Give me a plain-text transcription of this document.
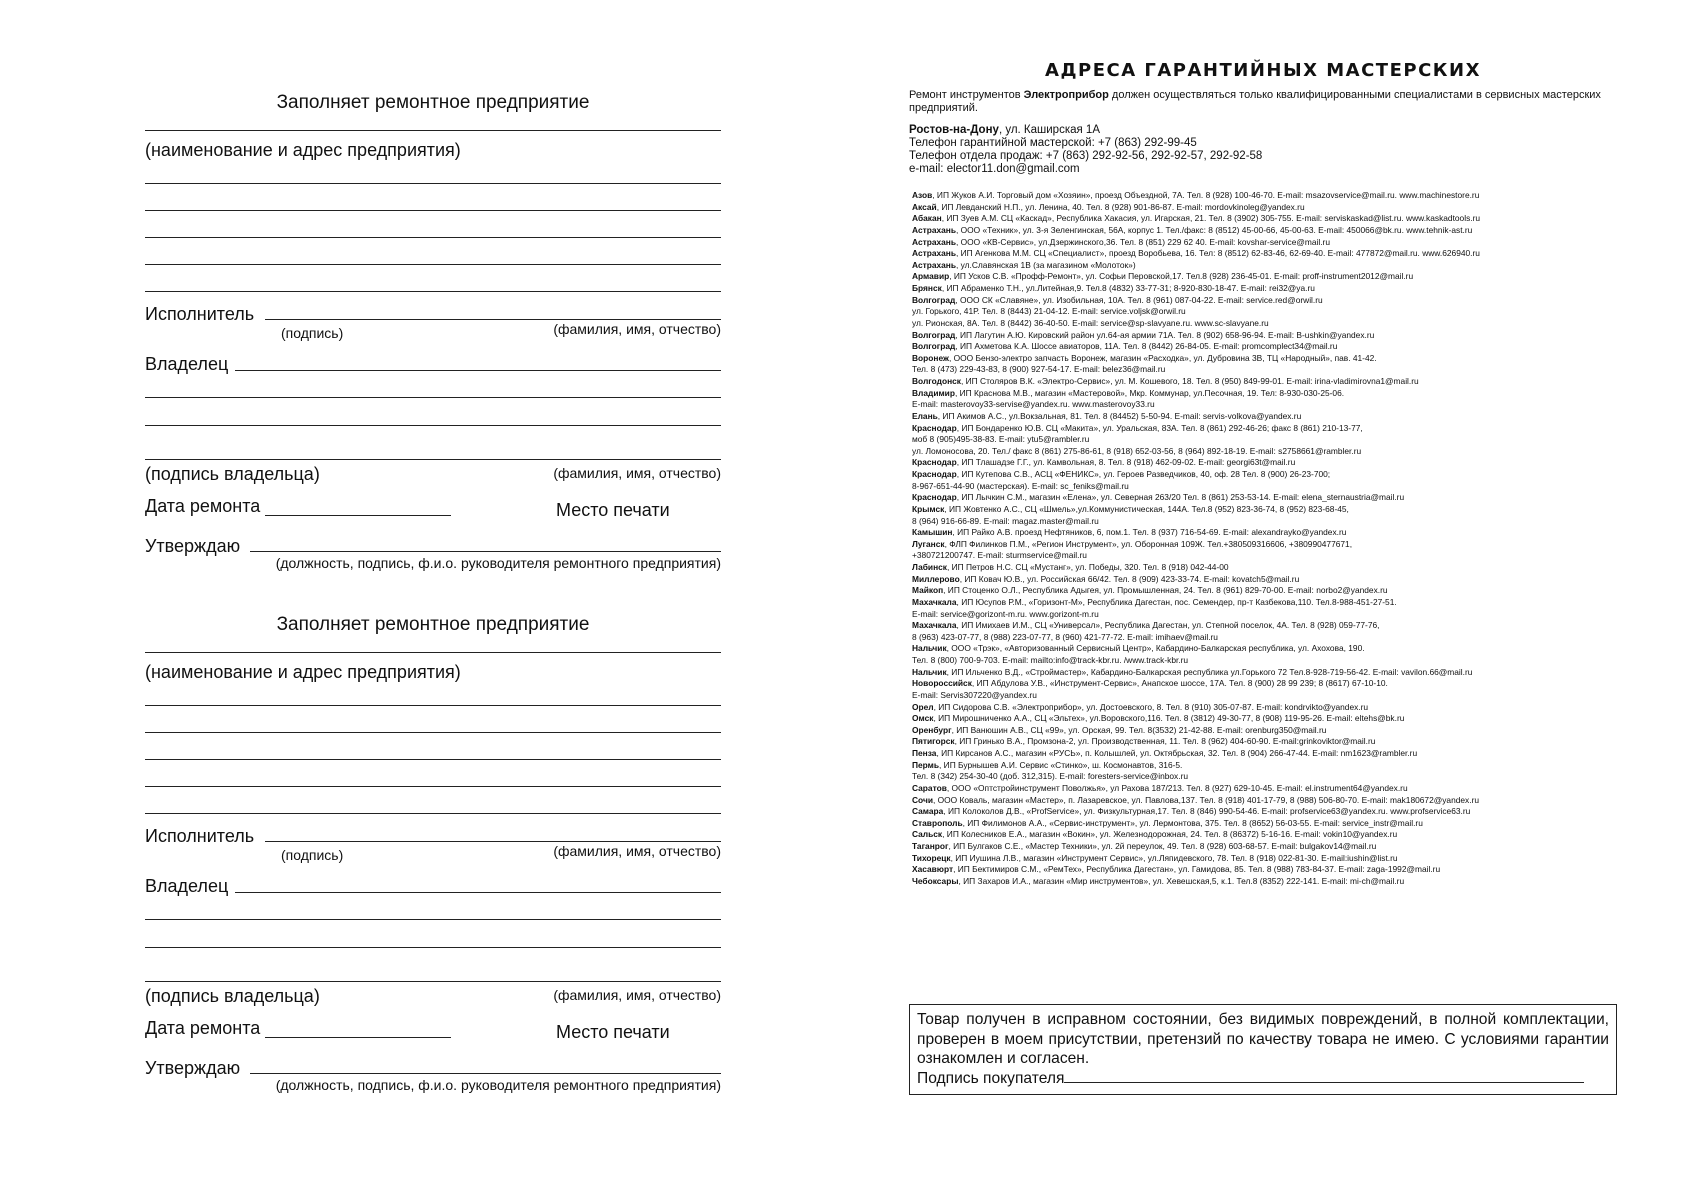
Заполняет ремонтное предприятие
(наименование и адрес предприятия)
Исполнитель
(подпись)	(фамилия, имя, отчество)
Владелец
(подпись владельца)	(фамилия, имя, отчество)
Дата ремонта	Место печати
Утверждаю
(должность, подпись, ф.и.о. руководителя ремонтного предприятия)
Заполняет ремонтное предприятие
(наименование и адрес предприятия)
Исполнитель
(подпись)	(фамилия, имя, отчество)
Владелец
(подпись владельца)	(фамилия, имя, отчество)
Дата ремонта	Место печати
Утверждаю
(должность, подпись, ф.и.о. руководителя ремонтного предприятия)
АДРЕСА ГАРАНТИЙНЫХ МАСТЕРСКИХ
Ремонт инструментов Электроприбор должен осуществляться только квалифицированными специалистами в сервисных мастерских предприятий.
Ростов-на-Дону, ул. Каширская 1А
Телефон гарантийной мастерской: +7 (863) 292-99-45
Телефон отдела продаж: +7 (863) 292-92-56, 292-92-57, 292-92-58
e-mail: elector11.don@gmail.com
Азов, ИП Жуков А.И. Торговый дом «Хозяин», проезд Объездной, 7А. Тел. 8 (928) 100-46-70. E-mail: msazovservice@mail.ru. www.machinestore.ru
Аксай, ИП Левданский Н.П., ул. Ленина, 40. Тел. 8 (928) 901-86-87. E-mail: mordovkinoleg@yandex.ru
Абакан, ИП Зуев А.М. СЦ «Каскад», Республика Хакасия, ул. Игарская, 21. Тел. 8 (3902) 305-755. E-mail: serviskaskad@list.ru. www.kaskadtools.ru
Астрахань, ООО «Техник», ул. 3-я Зеленгинская, 56А, корпус 1. Тел./факс: 8 (8512) 45-00-66, 45-00-63. E-mail: 450066@bk.ru. www.tehnik-ast.ru
Астрахань, ООО «КВ-Сервис», ул.Дзержинского,36. Тел. 8 (851) 229 62 40. E-mail: kovshar-service@mail.ru
Астрахань, ИП Агенкова М.М. СЦ «Специалист», проезд Воробьева, 16. Тел: 8 (8512) 62-83-46, 62-69-40. E-mail: 477872@mail.ru. www.626940.ru
Астрахань, ул.Славянская 1В (за магазином «Молоток»)
Армавир, ИП Усков С.В. «Профф-Ремонт», ул. Софьи Перовской,17. Тел.8 (928) 236-45-01. E-mail: proff-instrument2012@mail.ru
Брянск, ИП Абраменко Т.Н., ул.Литейная,9. Тел.8 (4832) 33-77-31; 8-920-830-18-47. E-mail: rei32@ya.ru
Волгоград, ООО СК «Славяне», ул. Изобильная, 10А. Тел. 8 (961) 087-04-22. E-mail: service.red@orwil.ru
ул. Горького, 41Р. Тел. 8 (8443) 21-04-12. E-mail: service.voljsk@orwil.ru
ул. Рионская, 8А. Тел. 8 (8442) 36-40-50. E-mail: service@sp-slavyane.ru. www.sc-slavyane.ru
Волгоград, ИП Лагутин А.Ю. Кировский район ул.64-ая армии 71А. Тел. 8 (902) 658-96-94. E-mail: B-ushkin@yandex.ru
Волгоград, ИП Ахметова К.А. Шоссе авиаторов, 11А. Тел. 8 (8442) 26-84-05. E-mail: promcomplect34@mail.ru
Воронеж, ООО Бензо-электро запчасть Воронеж, магазин «Расходка», ул. Дубровина 3В, ТЦ «Народный», пав. 41-42.
Тел. 8 (473) 229-43-83, 8 (900) 927-54-17. E-mail: belez36@mail.ru
Волгодонск, ИП Столяров В.К. «Электро-Сервис», ул. М. Кошевого, 18. Тел. 8 (950) 849-99-01. E-mail: irina-vladimirovna1@mail.ru
Владимир, ИП Краснова М.В., магазин «Мастеровой», Мкр. Коммунар, ул.Песочная, 19. Тел: 8-930-030-25-06.
E-mail: masterovoy33-servise@yandex.ru. www.masterovoy33.ru
Елань, ИП Акимов А.С., ул.Вокзальная, 81. Тел. 8 (84452) 5-50-94. E-mail: servis-volkova@yandex.ru
Краснодар, ИП Бондаренко Ю.В. СЦ «Макита», ул. Уральская, 83А. Тел. 8 (861) 292-46-26; факс 8 (861) 210-13-77,
моб 8 (905)495-38-83. E-mail: ytu5@rambler.ru
ул. Ломоносова, 20. Тел./ факс 8 (861) 275-86-61, 8 (918) 652-03-56, 8 (964) 892-18-19. E-mail: s2758661@rambler.ru
Краснодар, ИП Тлашадзе Г.Г., ул. Камвольная, 8. Тел. 8 (918) 462-09-02. E-mail: georgi63t@mail.ru
Краснодар, ИП Кутепова С.В., АСЦ «ФЕНИКС», ул. Героев Разведчиков, 40, оф. 28 Тел. 8 (900) 26-23-700;
8-967-651-44-90 (мастерская). E-mail: sc_feniks@mail.ru
Краснодар, ИП Лычкин С.М., магазин «Елена», ул. Северная 263/20 Тел. 8 (861) 253-53-14. E-mail: elena_sternaustria@mail.ru
Крымск, ИП Жовтенко А.С., СЦ «Шмель»,ул.Коммунистическая, 144А. Тел.8 (952) 823-36-74, 8 (952) 823-68-45,
8 (964) 916-66-89. E-mail: magaz.master@mail.ru
Камышин, ИП Райко А.В. проезд Нефтяников, 6, пом.1. Тел. 8 (937) 716-54-69. E-mail: alexandrayko@yandex.ru
Луганск, ФЛП Филинков П.М., «Регион Инструмент», ул. Оборонная 109Ж. Тел.+380509316606, +380990477671,
+380721200747. E-mail: sturmservice@mail.ru
Лабинск, ИП Петров Н.С. СЦ «Мустанг», ул. Победы, 320. Тел. 8 (918) 042-44-00
Миллерово, ИП Ковач Ю.В., ул. Российская 66/42. Тел. 8 (909) 423-33-74. E-mail: kovatch5@mail.ru
Майкоп, ИП Стоценко О.Л., Республика Адыгея, ул. Промышленная, 24. Тел. 8 (961) 829-70-00. E-mail: norbo2@yandex.ru
Махачкала, ИП Юсупов Р.М., «Горизонт-М», Республика Дагестан, пос. Семендер, пр-т Казбекова,110. Тел.8-988-451-27-51.
E-mail: service@gorizont-m.ru. www.gorizont-m.ru
Махачкала, ИП Имихаев И.М., СЦ «Универсал», Республика Дагестан, ул. Степной поселок, 4А. Тел. 8 (928) 059-77-76,
8 (963) 423-07-77, 8 (988) 223-07-77, 8 (960) 421-77-72. E-mail: imihaev@mail.ru
Нальчик, ООО «Трэк», «Авторизованный Сервисный Центр», Кабардино-Балкарская республика, ул. Ахохова, 190.
Тел. 8 (800) 700-9-703. E-mail: mailto:info@track-kbr.ru. /www.track-kbr.ru
Нальчик, ИП Ильченко В.Д., «Строймастер», Кабардино-Балкарская республика ул.Горького 72 Тел.8-928-719-56-42. E-mail: vavilon.66@mail.ru
Новороссийск, ИП Абдулова У.В., «Инструмент-Сервис», Анапское шоссе, 17А. Тел. 8 (900) 28 99 239; 8 (8617) 67-10-10.
E-mail: Servis307220@yandex.ru
Орел, ИП Сидорова С.В. «Электроприбор», ул. Достоевского, 8. Тел. 8 (910) 305-07-87. E-mail: kondrvikto@yandex.ru
Омск, ИП Мирошниченко А.А., СЦ «Эльтех», ул.Воровского,116. Тел. 8 (3812) 49-30-77, 8 (908) 119-95-26. E-mail: eltehs@bk.ru
Оренбург, ИП Ванюшин А.В., СЦ «99», ул. Орская, 99. Тел. 8(3532) 21-42-88. E-mail: orenburg350@mail.ru
Пятигорск, ИП Гринько В.А., Промзона-2, ул. Производственная, 11. Тел. 8 (962) 404-60-90. E-mail:grinkoviktor@mail.ru
Пенза, ИП Кирсанов А.С., магазин «РУСЬ», п. Колышлей, ул. Октябрьская, 32. Тел. 8 (904) 266-47-44. E-mail: nm1623@rambler.ru
Пермь, ИП Бурнышев А.И. Сервис «Стинко», ш. Космонавтов, 316-5.
Тел. 8 (342) 254-30-40 (доб. 312,315). E-mail: foresters-service@inbox.ru
Саратов, ООО «Оптстройинструмент Поволжья», ул Рахова 187/213. Тел. 8 (927) 629-10-45. E-mail: el.instrument64@yandex.ru
Сочи, ООО Коваль, магазин «Мастер», п. Лазаревское, ул. Павлова,137. Тел. 8 (918) 401-17-79, 8 (988) 506-80-70. E-mail: mak180672@yandex.ru
Самара, ИП Колоколов Д.В., «ProfService», ул. Физкультурная,17. Тел. 8 (846) 990-54-46. E-mail: profservice63@yandex.ru. www.profservice63.ru
Ставрополь, ИП Филимонов А.А., «Сервис-инструмент», ул. Лермонтова, 375. Тел. 8 (8652) 56-03-55. E-mail: service_instr@mail.ru
Сальск, ИП Колесников Е.А., магазин «Вокин», ул. Железнодорожная, 24. Тел. 8 (86372) 5-16-16. E-mail: vokin10@yandex.ru
Таганрог, ИП Булгаков С.Е., «Мастер Техники», ул. 2й переулок, 49. Тел. 8 (928) 603-68-57. E-mail: bulgakov14@mail.ru
Тихорецк, ИП Иушина Л.В., магазин «Инструмент Сервис», ул.Ляпидевского, 78. Тел. 8 (918) 022-81-30. E-mail:iushin@list.ru
Хасавюрт, ИП Бектимиров С.М., «РемТех», Республика Дагестан», ул. Гамидова, 85. Тел. 8 (988) 783-84-37. E-mail: zaga-1992@mail.ru
Чебоксары, ИП Захаров И.А., магазин «Мир инструментов», ул. Хевешская,5, к.1. Тел.8 (8352) 222-141. E-mail: mi-ch@mail.ru
Товар получен в исправном состоянии, без видимых повреждений, в полной комплектации, проверен в моем присутствии, претензий по качеству товара не имею. С условиями гарантии ознакомлен и согласен.
Подпись покупателя
